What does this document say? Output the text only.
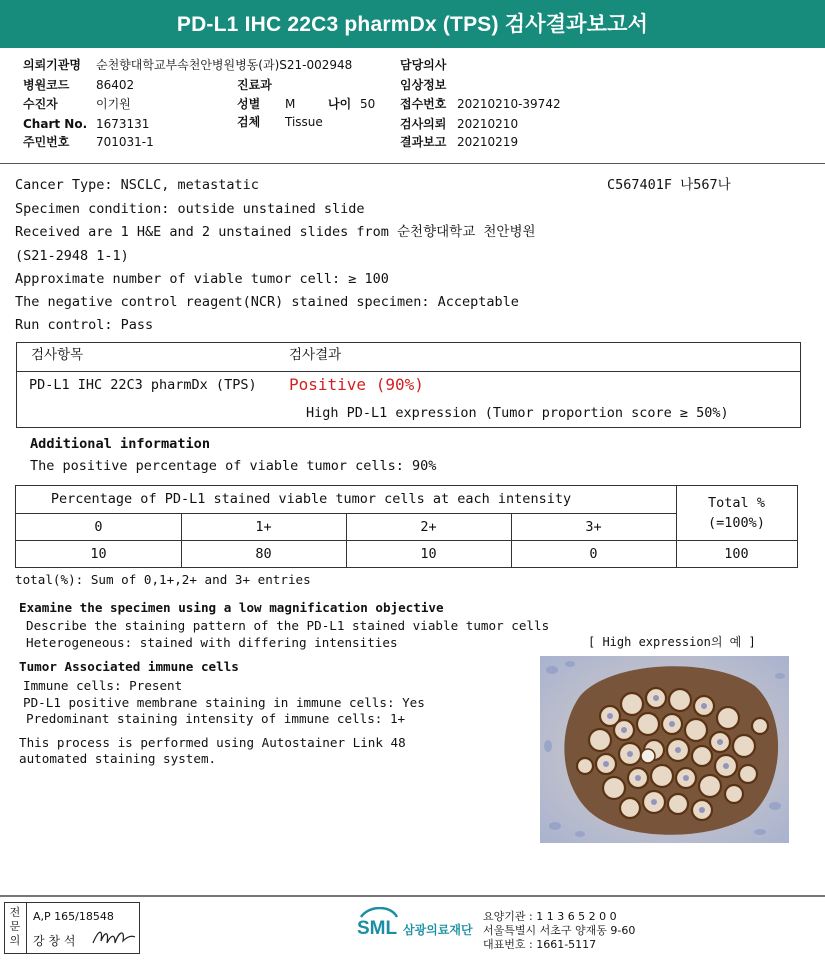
PD-L1 IHC 22C3 pharmDx (TPS) 검사결과보고서
의뢰기관명 순천향대학교부속천안병원병동(과)S21-002948
병원코드 86402
수진자	이기원
Chart No. 1673131
주민번호 701031-1
진료과
성별 M	나이 50
검체 Tissue
담당의사
임상정보
접수번호 20210210-39742
검사의뢰 20210210
결과보고 20210219
Cancer Type: NSCLC, metastatic	C567401F 나567나
Specimen condition: outside unstained slide
Received are 1 H&E and 2 unstained slides from 순천향대학교 천안병원
(S21-2948 1-1)
Approximate number of viable tumor cell: ≥ 100
The negative control reagent(NCR) stained specimen: Acceptable
Run control: Pass
검사항목	검사결과
PD-L1 IHC 22C3 pharmDx (TPS) Positive (90%)
High PD-L1 expression (Tumor proportion score ≥ 50%)
Additional information
The positive percentage of viable tumor cells: 90%
Percentage of PD-L1 stained viable tumor cells at each intensity	Total %
(=100%)
0	1+	2+	3+
10	80	10	0	100
total(%): Sum of 0,1+,2+ and 3+ entries
Examine the specimen using a low magnification objective
Describe the staining pattern of the PD-L1 stained viable tumor cells
Heterogeneous: stained with differing intensities	[ High expression의 예 ]
Tumor Associated immune cells
Immune cells: Present
PD-L1 positive membrane staining in immune cells: Yes
Predominant staining intensity of immune cells: 1+
This process is performed using Autostainer Link 48
automated staining system.
전
문
의
A,P 165/18548
강 창 석
SML 삼광의료재단
요양기관 : 1 1 3 6 5 2 0 0
서울특별시 서초구 양재동 9-60
대표번호 : 1661-5117
